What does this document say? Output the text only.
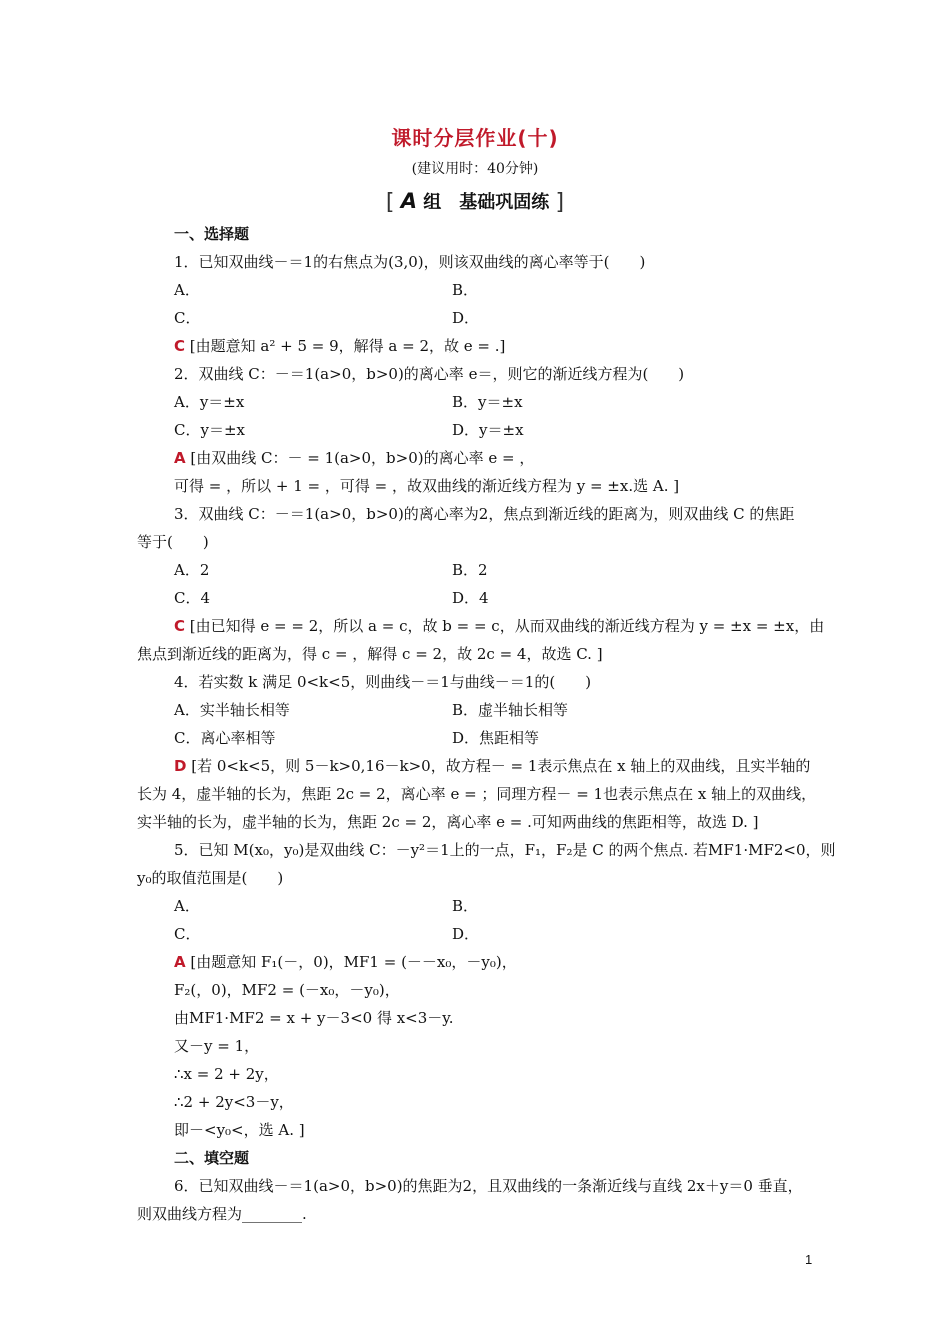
课时分层作业(十)
(建议用时：40分钟)
[ A 组　基础巩固练 ]
一、选择题
1．已知双曲线－＝1的右焦点为(3,0)，则该双曲线的离心率等于(　　)
A．	B．
C．	D．
C [由题意知 a² + 5 = 9，解得 a = 2，故 e = .]
2．双曲线 C：－＝1(a>0，b>0)的离心率 e＝，则它的渐近线方程为(　　)
A．y＝±x	B．y＝±x
C．y＝±x	D．y＝±x
A [由双曲线 C：－ = 1(a>0，b>0)的离心率 e = ，
可得 = ，所以 + 1 = ，可得 = ，故双曲线的渐近线方程为 y = ±x.选 A. ]
3．双曲线 C：－＝1(a>0，b>0)的离心率为2，焦点到渐近线的距离为，则双曲线 C 的焦距
等于(　　)
A．2	B．2
C．4	D．4
C [由已知得 e = = 2，所以 a = c，故 b = = c，从而双曲线的渐近线方程为 y = ±x = ±x，由
焦点到渐近线的距离为，得 c = ，解得 c = 2，故 2c = 4，故选 C. ]
4．若实数 k 满足 0<k<5，则曲线－＝1与曲线－＝1的(　　)
A．实半轴长相等	B．虚半轴长相等
C．离心率相等	D．焦距相等
D [若 0<k<5，则 5－k>0,16－k>0，故方程－ = 1表示焦点在 x 轴上的双曲线，且实半轴的
长为 4，虚半轴的长为，焦距 2c = 2，离心率 e = ；同理方程－ = 1也表示焦点在 x 轴上的双曲线，
实半轴的长为，虚半轴的长为，焦距 2c = 2，离心率 e = .可知两曲线的焦距相等，故选 D. ]
5．已知 M(x₀，y₀)是双曲线 C：－y²＝1上的一点，F₁，F₂是 C 的两个焦点. 若MF1·MF2<0，则
y₀的取值范围是(　　)
A．	B．
C．	D．
A [由题意知 F₁(－，0)，MF1 = (－－x₀，－y₀)，
F₂(，0)，MF2 = (－x₀，－y₀)，
由MF1·MF2 = x + y－3<0 得 x<3－y.
又－y = 1，
∴x = 2 + 2y，
∴2 + 2y<3－y，
即－<y₀<，选 A. ]
二、填空题
6．已知双曲线－＝1(a>0，b>0)的焦距为2，且双曲线的一条渐近线与直线 2x＋y＝0 垂直，
则双曲线方程为________.
1
